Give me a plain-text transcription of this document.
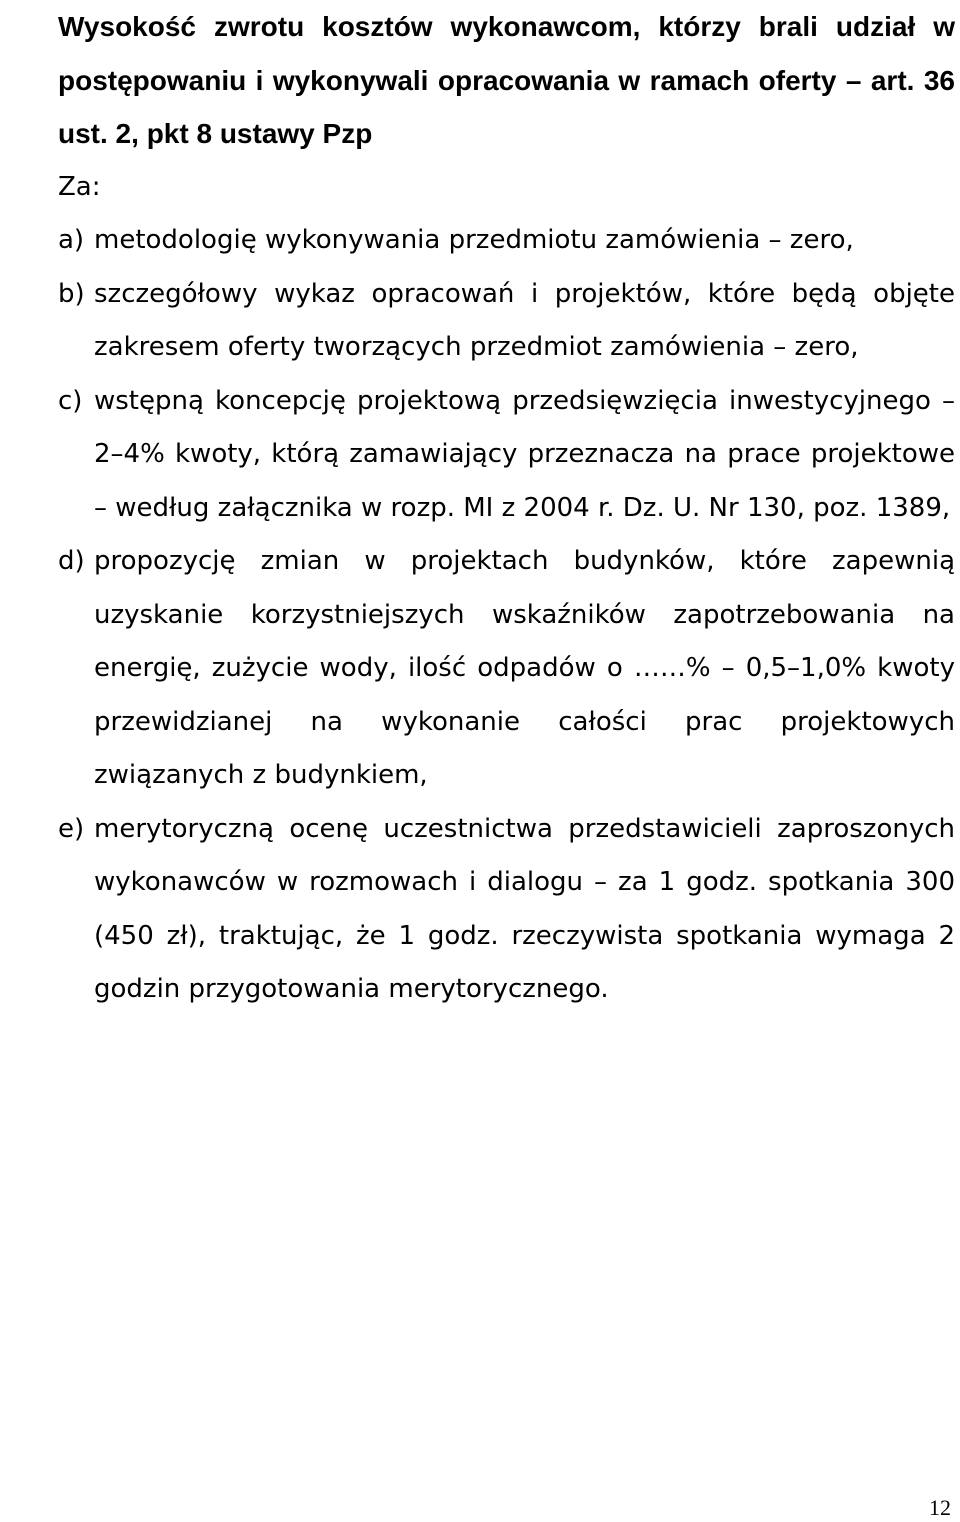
Wysokość zwrotu kosztów wykonawcom, którzy brali udział w postępowaniu i wykonywali opracowania w ramach oferty – art. 36 ust. 2, pkt 8 ustawy Pzp

Za:

a) metodologię wykonywania przedmiotu zamówienia – zero,
b) szczegółowy wykaz opracowań i projektów, które będą objęte zakresem oferty tworzących przedmiot zamówienia – zero,
c) wstępną koncepcję projektową przedsięwzięcia inwestycyjnego – 2–4% kwoty, którą zamawiający przeznacza na prace projektowe – według załącznika w rozp. MI z 2004 r. Dz. U. Nr 130, poz. 1389,
d) propozycję zmian w projektach budynków, które zapewnią uzyskanie korzystniejszych wskaźników zapotrzebowania na energię, zużycie wody, ilość odpadów o ……% – 0,5–1,0% kwoty przewidzianej na wykonanie całości prac projektowych związanych z budynkiem,
e) merytoryczną ocenę uczestnictwa przedstawicieli zaproszonych wykonawców w rozmowach i dialogu – za 1 godz. spotkania 300 (450 zł), traktując, że 1 godz. rzeczywista spotkania wymaga 2 godzin przygotowania merytorycznego.
12
